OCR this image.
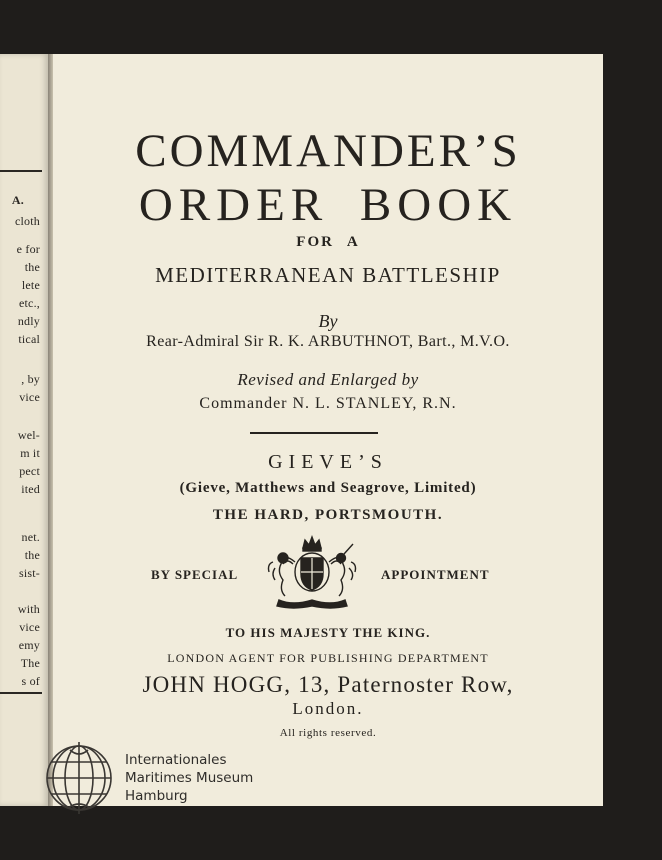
A.
cloth
e for
the
lete
etc.,
ndly
tical
, by
vice
wel-
m it
pect
ited
net.
the
sist-
with
vice
emy
The
s of
COMMANDER’S
ORDER BOOK
FOR A
MEDITERRANEAN BATTLESHIP
By
Rear-Admiral Sir R. K. ARBUTHNOT, Bart., M.V.O.
Revised and Enlarged by
Commander N. L. STANLEY, R.N.
GIEVE’S
(Gieve, Matthews and Seagrove, Limited)
THE HARD, PORTSMOUTH.
BY SPECIAL	APPOINTMENT
TO HIS MAJESTY THE KING.
LONDON AGENT FOR PUBLISHING DEPARTMENT
JOHN HOGG, 13, Paternoster Row,
London.
All rights reserved.
Internationales
Maritimes Museum
Hamburg
